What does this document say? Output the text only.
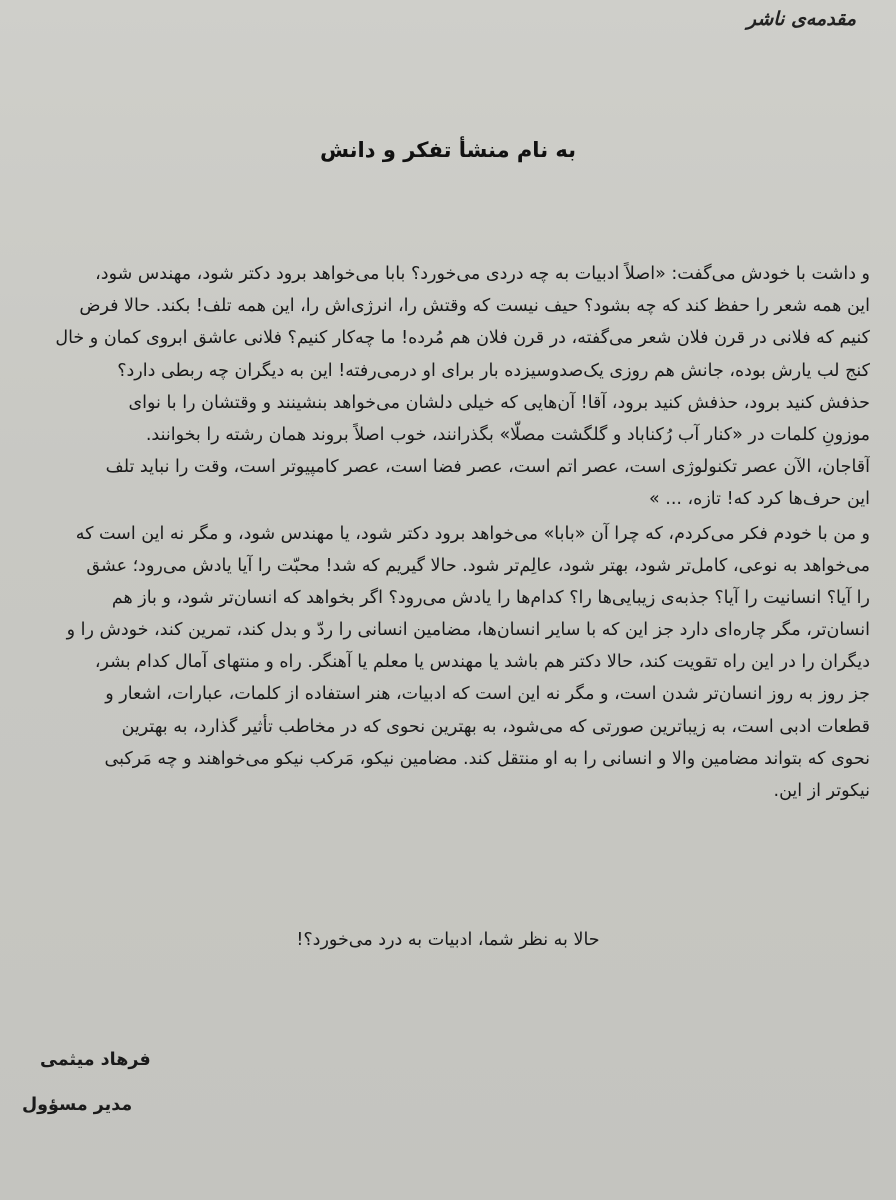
مقدمه‌ی ناشر
به نام منشأ تفکر و دانش
و داشت با خودش می‌گفت: «اصلاً ادبیات به چه دردی می‌خورد؟ بابا می‌خواهد برود دکتر شود، مهندس شود،
این همه شعر را حفظ کند که چه بشود؟ حیف نیست که وقتش را، انرژی‌اش را، این همه تلف! بکند. حالا فرض
کنیم که فلانی در قرن فلان شعر می‌گفته، در قرن فلان هم مُرده! ما چه‌کار کنیم؟ فلانی عاشق ابروی کمان و خال
کنج لب یارش بوده، جانش هم روزی یک‌صدوسیزده بار برای او درمی‌رفته! این به دیگران چه ربطی دارد؟
حذفش کنید برود، حذفش کنید برود، آقا! آن‌هایی که خیلی دلشان می‌خواهد بنشینند و وقتشان را با نوای
موزونِ کلمات در «کنار آب رُکناباد و گلگشت مصلّا» بگذرانند، خوب اصلاً بروند همان رشته را بخوانند.
آقاجان، الآن عصر تکنولوژی است، عصر اتم است، عصر فضا است، عصر کامپیوتر است، وقت را نباید تلف
این حرف‌ها کرد که! تازه، ... »
و من با خودم فکر می‌کردم، که چرا آن «بابا» می‌خواهد برود دکتر شود، یا مهندس شود، و مگر نه این است که
می‌خواهد به نوعی، کامل‌تر شود، بهتر شود، عالِم‌تر شود. حالا گیریم که شد! محبّت را آیا یادش می‌رود؛ عشق
را آیا؟ انسانیت را آیا؟ جذبه‌ی زیبایی‌ها را؟ کدام‌ها را یادش می‌رود؟ اگر بخواهد که انسان‌تر شود، و باز هم
انسان‌تر، مگر چاره‌ای دارد جز این که با سایر انسان‌ها، مضامین انسانی را ردّ و بدل کند، تمرین کند، خودش را و
دیگران را در این راه تقویت کند، حالا دکتر هم باشد یا مهندس یا معلم یا آهنگر. راه و منتهای آمال کدام بشر،
جز روز به روز انسان‌تر شدن است، و مگر نه این است که ادبیات، هنر استفاده از کلمات، عبارات، اشعار و
قطعات ادبی است، به زیباترین صورتی که می‌شود، به بهترین نحوی که در مخاطب تأثیر گذارد، به بهترین
نحوی که بتواند مضامین والا و انسانی را به او منتقل کند. مضامین نیکو، مَرکب نیکو می‌خواهند و چه مَرکبی
نیکوتر از این.
حالا به نظر شما، ادبیات به درد می‌خورد؟!
فرهاد میثمی
مدیر مسؤول
